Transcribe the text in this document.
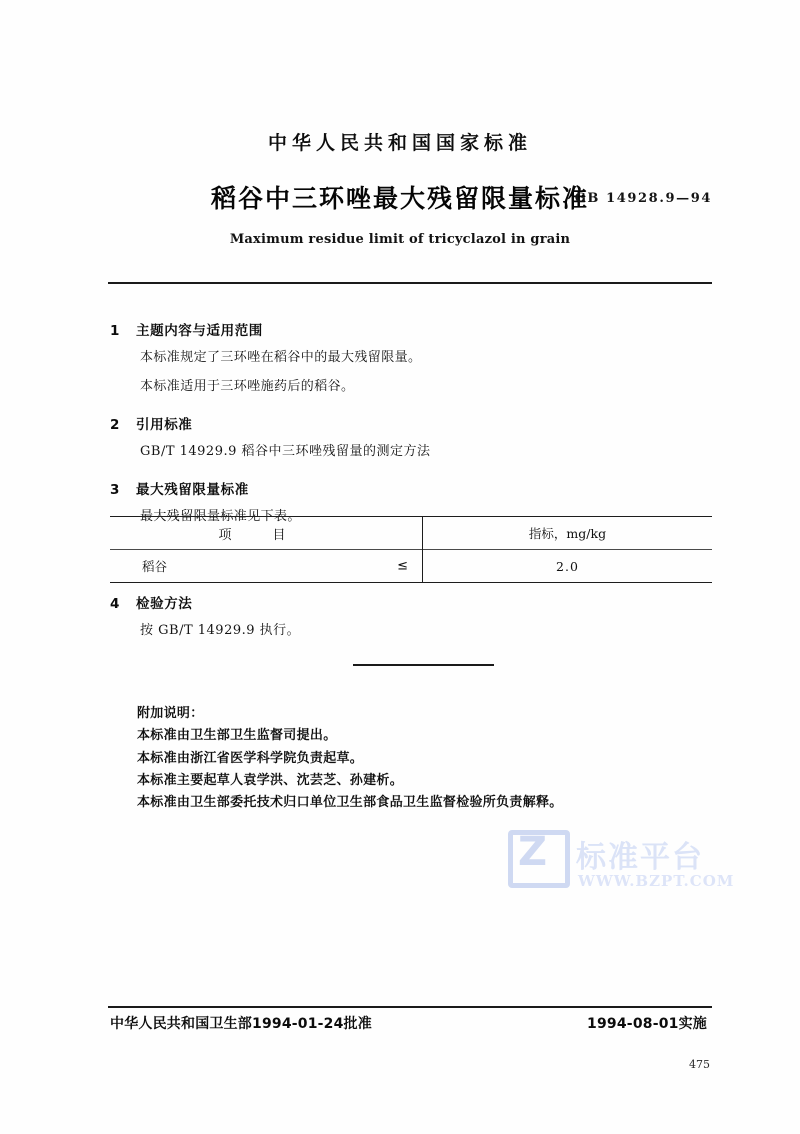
中华人民共和国国家标准
稻谷中三环唑最大残留限量标准
GB 14928.9—94
Maximum residue limit of tricyclazol in grain
1 主题内容与适用范围
本标准规定了三环唑在稻谷中的最大残留限量。
本标准适用于三环唑施药后的稻谷。
2 引用标准
GB/T 14929.9 稻谷中三环唑残留量的测定方法
3 最大残留限量标准
最大残留限量标准见下表。
项　目	指标，mg/kg

稻谷 ≤	2.0
4 检验方法
按 GB/T 14929.9 执行。
附加说明：
本标准由卫生部卫生监督司提出。
本标准由浙江省医学科学院负责起草。
本标准主要起草人袁学洪、沈芸芝、孙建析。
本标准由卫生部委托技术归口单位卫生部食品卫生监督检验所负责解释。
Z 标准平台
WWW.BZPT.COM
中华人民共和国卫生部1994-01-24批准	1994-08-01实施
475
